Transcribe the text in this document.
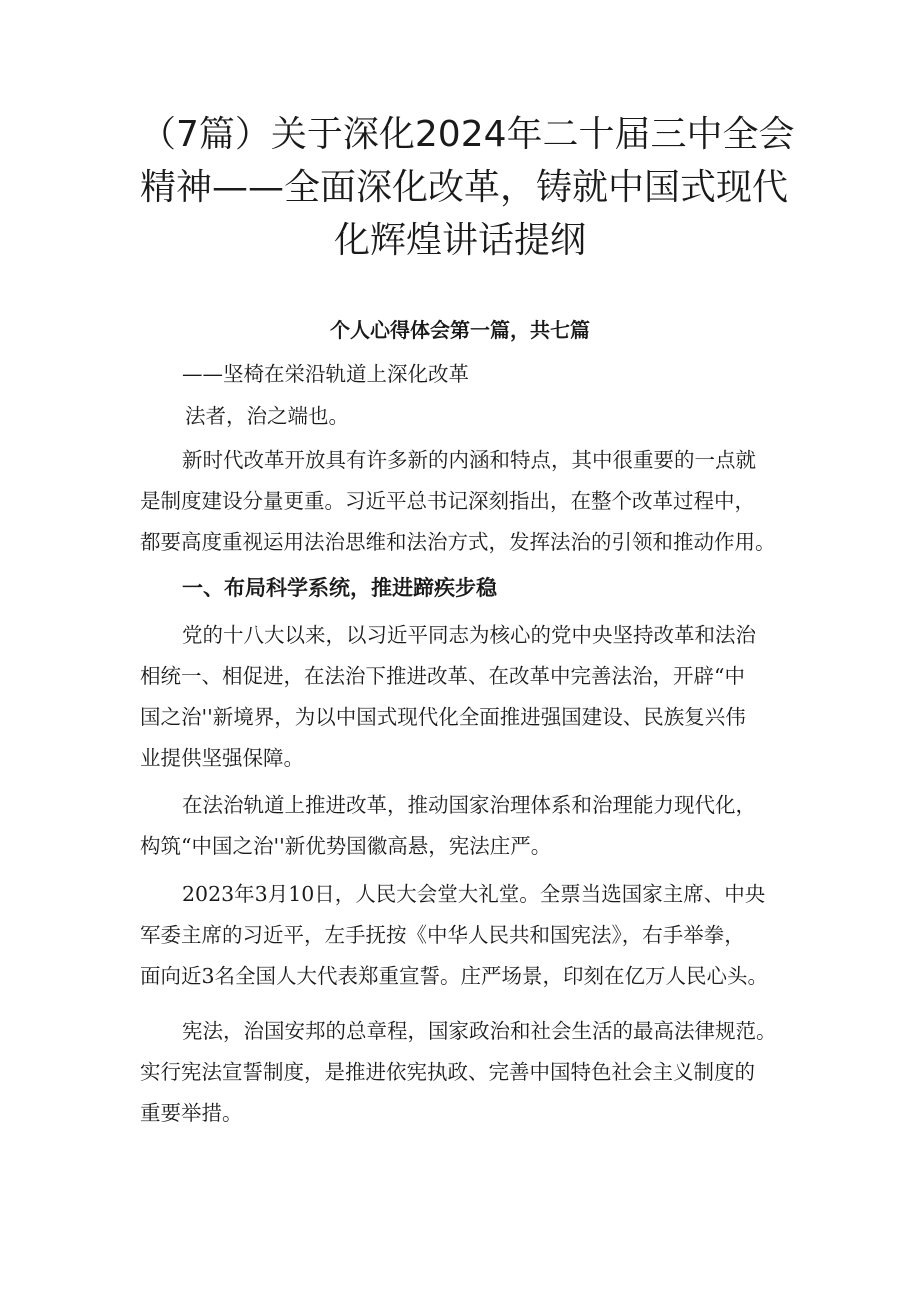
（7篇）关于深化2024年二十届三中全会
精神——全面深化改革，铸就中国式现代
化辉煌讲话提纲

个人心得体会第一篇，共七篇

——坚椅在栄沿轨道上深化改革

法者，治之端也。

新时代改革开放具有许多新的内涵和特点，其中很重要的一点就
是制度建设分量更重。习近平总书记深刻指出，在整个改革过程中，
都要高度重视运用法治思维和法治方式，发挥法治的引领和推动作用。
一、布局科学系统，推进蹄疾步稳
党的十八大以来，以习近平同志为核心的党中央坚持改革和法治
相统一、相促进，在法治下推进改革、在改革中完善法治，开辟“中
国之治''新境界，为以中国式现代化全面推进强国建设、民族复兴伟
业提供坚强保障。
在法治轨道上推进改革，推动国家治理体系和治理能力现代化，
构筑“中国之治''新优势国徽高悬，宪法庄严。
2023年3月10日，人民大会堂大礼堂。全票当选国家主席、中央
军委主席的习近平，左手抚按《中华人民共和国宪法》，右手举拳，
面向近3名全国人大代表郑重宣誓。庄严场景，印刻在亿万人民心头。
宪法，治国安邦的总章程，国家政治和社会生活的最高法律规范。
实行宪法宣誓制度，是推进依宪执政、完善中国特色社会主义制度的
重要举措。
